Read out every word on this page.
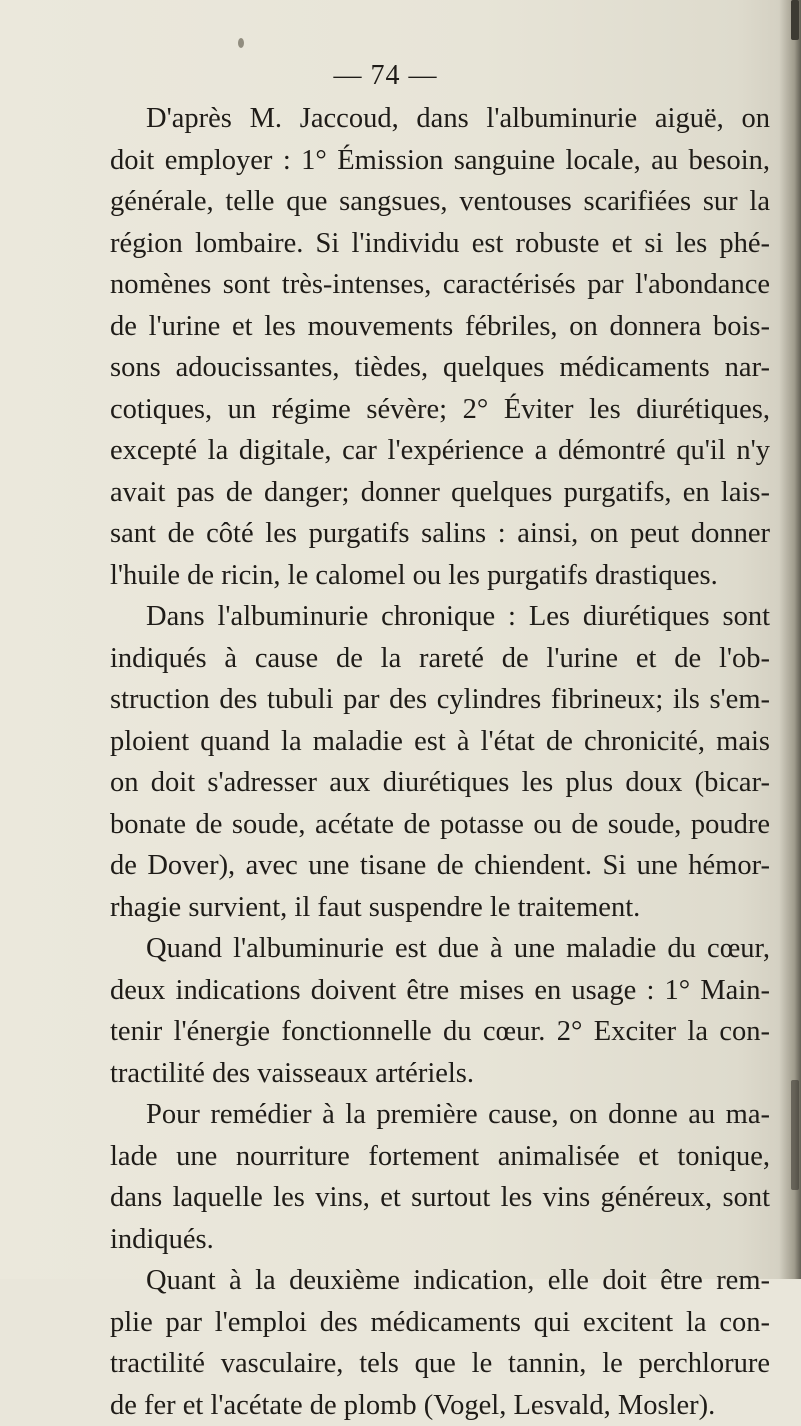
— 74 —
D'après M. Jaccoud, dans l'albuminurie aiguë, on
doit employer : 1° Émission sanguine locale, au besoin,
générale, telle que sangsues, ventouses scarifiées sur la
région lombaire. Si l'individu est robuste et si les phé-
nomènes sont très-intenses, caractérisés par l'abondance
de l'urine et les mouvements fébriles, on donnera bois-
sons adoucissantes, tièdes, quelques médicaments nar-
cotiques, un régime sévère; 2° Éviter les diurétiques,
excepté la digitale, car l'expérience a démontré qu'il n'y
avait pas de danger; donner quelques purgatifs, en lais-
sant de côté les purgatifs salins : ainsi, on peut donner
l'huile de ricin, le calomel ou les purgatifs drastiques.
Dans l'albuminurie chronique : Les diurétiques sont
indiqués à cause de la rareté de l'urine et de l'ob-
struction des tubuli par des cylindres fibrineux; ils s'em-
ploient quand la maladie est à l'état de chronicité, mais
on doit s'adresser aux diurétiques les plus doux (bicar-
bonate de soude, acétate de potasse ou de soude, poudre
de Dover), avec une tisane de chiendent. Si une hémor-
rhagie survient, il faut suspendre le traitement.
Quand l'albuminurie est due à une maladie du cœur,
deux indications doivent être mises en usage : 1° Main-
tenir l'énergie fonctionnelle du cœur. 2° Exciter la con-
tractilité des vaisseaux artériels.
Pour remédier à la première cause, on donne au ma-
lade une nourriture fortement animalisée et tonique,
dans laquelle les vins, et surtout les vins généreux, sont
indiqués.
Quant à la deuxième indication, elle doit être rem-
plie par l'emploi des médicaments qui excitent la con-
tractilité vasculaire, tels que le tannin, le perchlorure
de fer et l'acétate de plomb (Vogel, Lesvald, Mosler).
